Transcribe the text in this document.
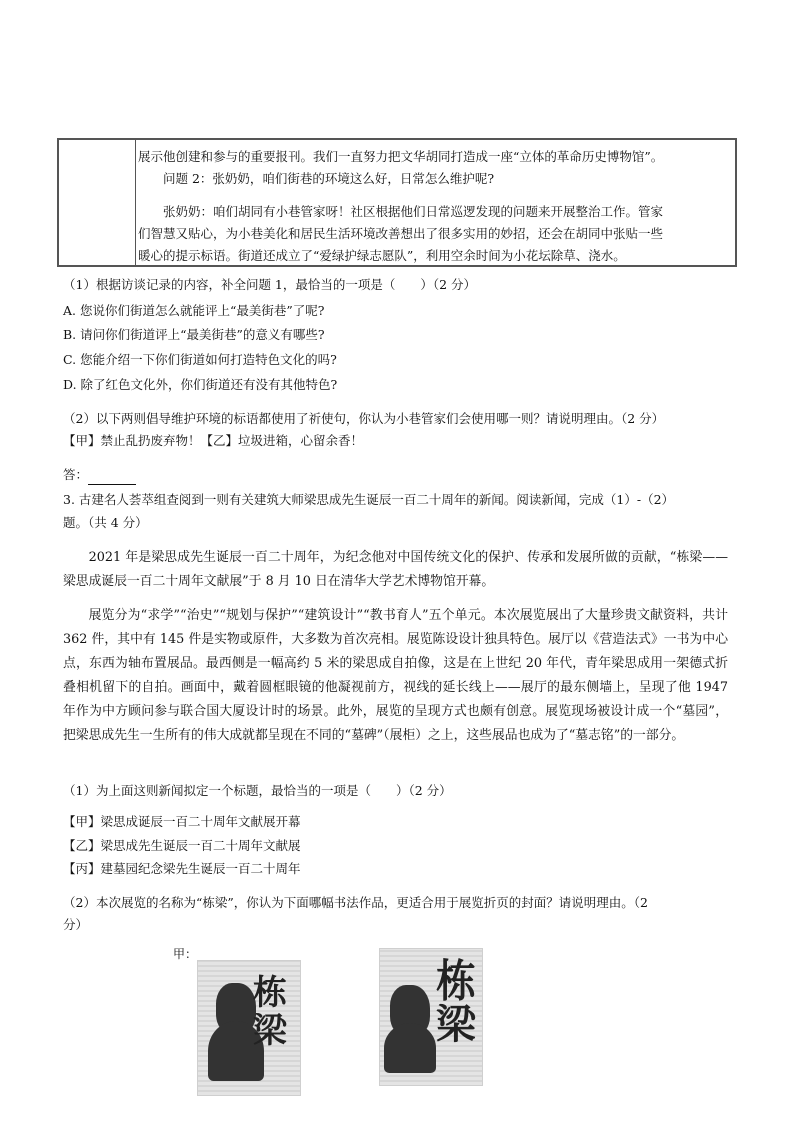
展示他创建和参与的重要报刊。我们一直努力把文华胡同打造成一座“立体的革命历史博物馆”。
问题 2：张奶奶，咱们街巷的环境这么好，日常怎么维护呢?
张奶奶：咱们胡同有小巷管家呀！社区根据他们日常巡逻发现的问题来开展整治工作。管家
们智慧又贴心，为小巷美化和居民生活环境改善想出了很多实用的妙招，还会在胡同中张贴一些
暖心的提示标语。街道还成立了“爱绿护绿志愿队”，利用空余时间为小花坛除草、浇水。
（1）根据访谈记录的内容，补全问题 1，最恰当的一项是（　　）（2 分）
A. 您说你们街道怎么就能评上“最美街巷”了呢?
B. 请问你们街道评上“最美街巷”的意义有哪些?
C. 您能介绍一下你们街道如何打造特色文化的吗?
D. 除了红色文化外，你们街道还有没有其他特色?
（2）以下两则倡导维护环境的标语都使用了祈使句，你认为小巷管家们会使用哪一则？请说明理由。（2 分）
【甲】禁止乱扔废弃物！【乙】垃圾进箱，心留余香！
答：
3. 古建名人荟萃组查阅到一则有关建筑大师梁思成先生诞辰一百二十周年的新闻。阅读新闻，完成（1）-（2）
题。（共 4 分）
2021 年是梁思成先生诞辰一百二十周年，为纪念他对中国传统文化的保护、传承和发展所做的贡献，“栋梁——梁思成诞辰一百二十周年文献展”于 8 月 10 日在清华大学艺术博物馆开幕。
展览分为“求学”“治史”“规划与保护”“建筑设计”“教书育人”五个单元。本次展览展出了大量珍贵文献资料，共计 362 件，其中有 145 件是实物或原件，大多数为首次亮相。展览陈设设计独具特色。展厅以《营造法式》一书为中心点，东西为轴布置展品。最西侧是一幅高约 5 米的梁思成自拍像，这是在上世纪 20 年代，青年梁思成用一架德式折叠相机留下的自拍。画面中，戴着圆框眼镜的他凝视前方，视线的延长线上——展厅的最东侧墙上，呈现了他 1947 年作为中方顾问参与联合国大厦设计时的场景。此外，展览的呈现方式也颇有创意。展览现场被设计成一个“墓园”，把梁思成先生一生所有的伟大成就都呈现在不同的“墓碑”（展柜）之上，这些展品也成为了“墓志铭”的一部分。
（1）为上面这则新闻拟定一个标题，最恰当的一项是（　　）（2 分）
【甲】梁思成诞辰一百二十周年文献展开幕
【乙】梁思成先生诞辰一百二十周年文献展
【丙】建墓园纪念梁先生诞辰一百二十周年
（2）本次展览的名称为“栋梁”，你认为下面哪幅书法作品，更适合用于展览折页的封面？请说明理由。（2
分）
甲：
栋
梁
栋
梁
